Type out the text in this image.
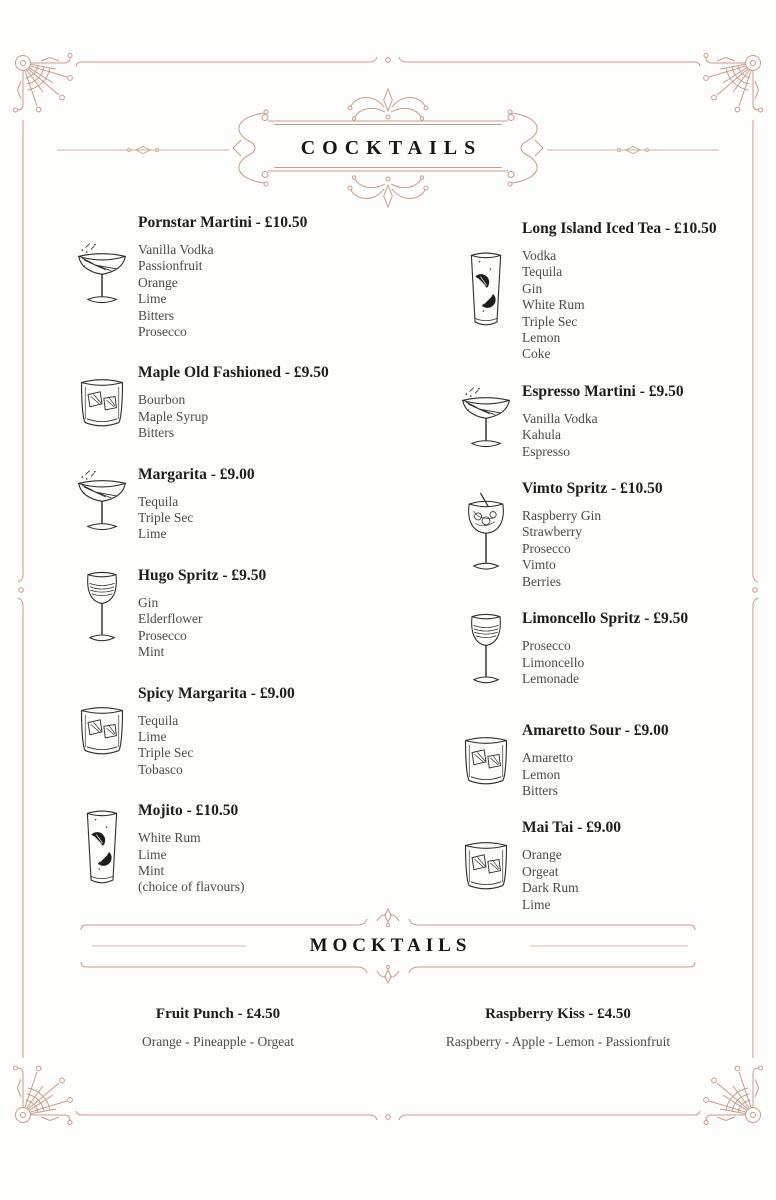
COCKTAILS
MOCKTAILS
Pornstar Martini - £10.50
Vanilla Vodka
Passionfruit
Orange
Lime
Bitters
Prosecco
Maple Old Fashioned - £9.50
Bourbon
Maple Syrup
Bitters
Margarita - £9.00
Tequila
Triple Sec
Lime
Hugo Spritz - £9.50
Gin
Elderflower
Prosecco
Mint
Spicy Margarita - £9.00
Tequila
Lime
Triple Sec
Tobasco
Mojito - £10.50
White Rum
Lime
Mint
(choice of flavours)
Long Island Iced Tea - £10.50
Vodka
Tequila
Gin
White Rum
Triple Sec
Lemon
Coke
Espresso Martini - £9.50
Vanilla Vodka
Kahula
Espresso
Vimto Spritz - £10.50
Raspberry Gin
Strawberry
Prosecco
Vimto
Berries
Limoncello Spritz - £9.50
Prosecco
Limoncello
Lemonade
Amaretto Sour - £9.00
Amaretto
Lemon
Bitters
Mai Tai - £9.00
Orange
Orgeat
Dark Rum
Lime
Fruit Punch - £4.50
Orange - Pineapple - Orgeat
Raspberry Kiss - £4.50
Raspberry - Apple - Lemon - Passionfruit
